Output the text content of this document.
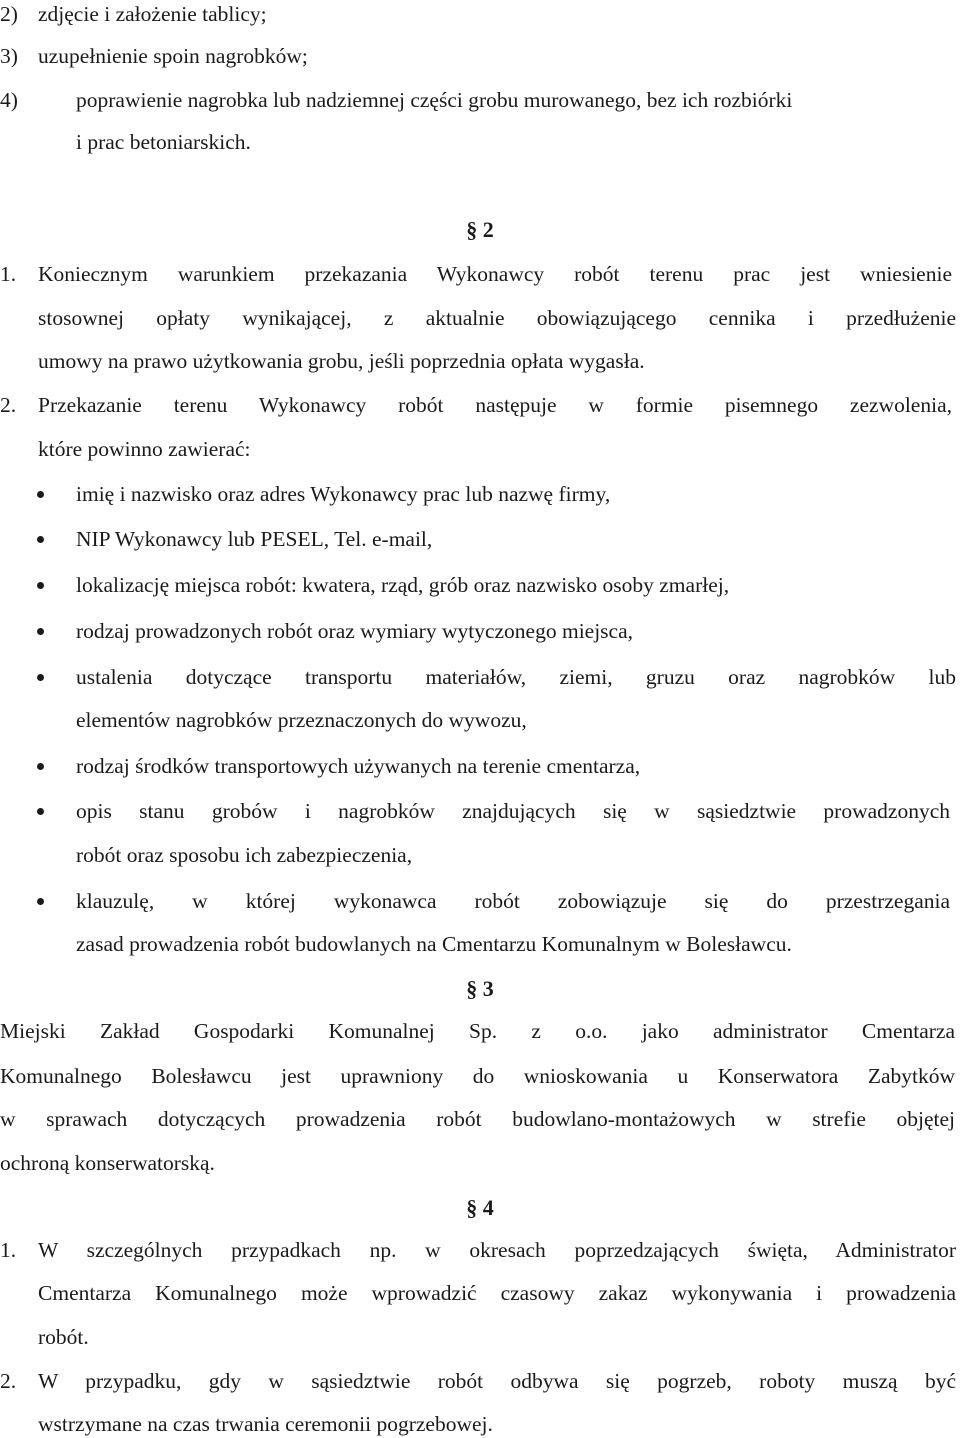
2) zdjęcie i założenie tablicy;
3) uzupełnienie spoin nagrobków;
4)	poprawienie nagrobka lub nadziemnej części grobu murowanego, bez ich rozbiórki
i prac betoniarskich.
§ 2
1. Koniecznym warunkiem przekazania Wykonawcy robót terenu prac jest wniesienie
stosownej opłaty wynikającej, z aktualnie obowiązującego cennika i przedłużenie
umowy na prawo użytkowania grobu, jeśli poprzednia opłata wygasła.
2. Przekazanie terenu Wykonawcy robót następuje w formie pisemnego zezwolenia,
które powinno zawierać:
imię i nazwisko oraz adres Wykonawcy prac lub nazwę firmy,
NIP Wykonawcy lub PESEL, Tel. e-mail,
lokalizację miejsca robót: kwatera, rząd, grób oraz nazwisko osoby zmarłej,
rodzaj prowadzonych robót oraz wymiary wytyczonego miejsca,
ustalenia dotyczące transportu materiałów, ziemi, gruzu oraz nagrobków lub
elementów nagrobków przeznaczonych do wywozu,
rodzaj środków transportowych używanych na terenie cmentarza,
opis stanu grobów i nagrobków znajdujących się w sąsiedztwie prowadzonych
robót oraz sposobu ich zabezpieczenia,
klauzulę, w której wykonawca robót zobowiązuje się do przestrzegania
zasad prowadzenia robót budowlanych na Cmentarzu Komunalnym w Bolesławcu.
§ 3
Miejski Zakład Gospodarki Komunalnej Sp. z o.o. jako administrator Cmentarza
Komunalnego Bolesławcu jest uprawniony do wnioskowania u Konserwatora Zabytków
w sprawach dotyczących prowadzenia robót budowlano-montażowych w strefie objętej
ochroną konserwatorską.
§ 4
1. W szczególnych przypadkach np. w okresach poprzedzających święta, Administrator
Cmentarza Komunalnego może wprowadzić czasowy zakaz wykonywania i prowadzenia
robót.
2. W przypadku, gdy w sąsiedztwie robót odbywa się pogrzeb, roboty muszą być
wstrzymane na czas trwania ceremonii pogrzebowej.
